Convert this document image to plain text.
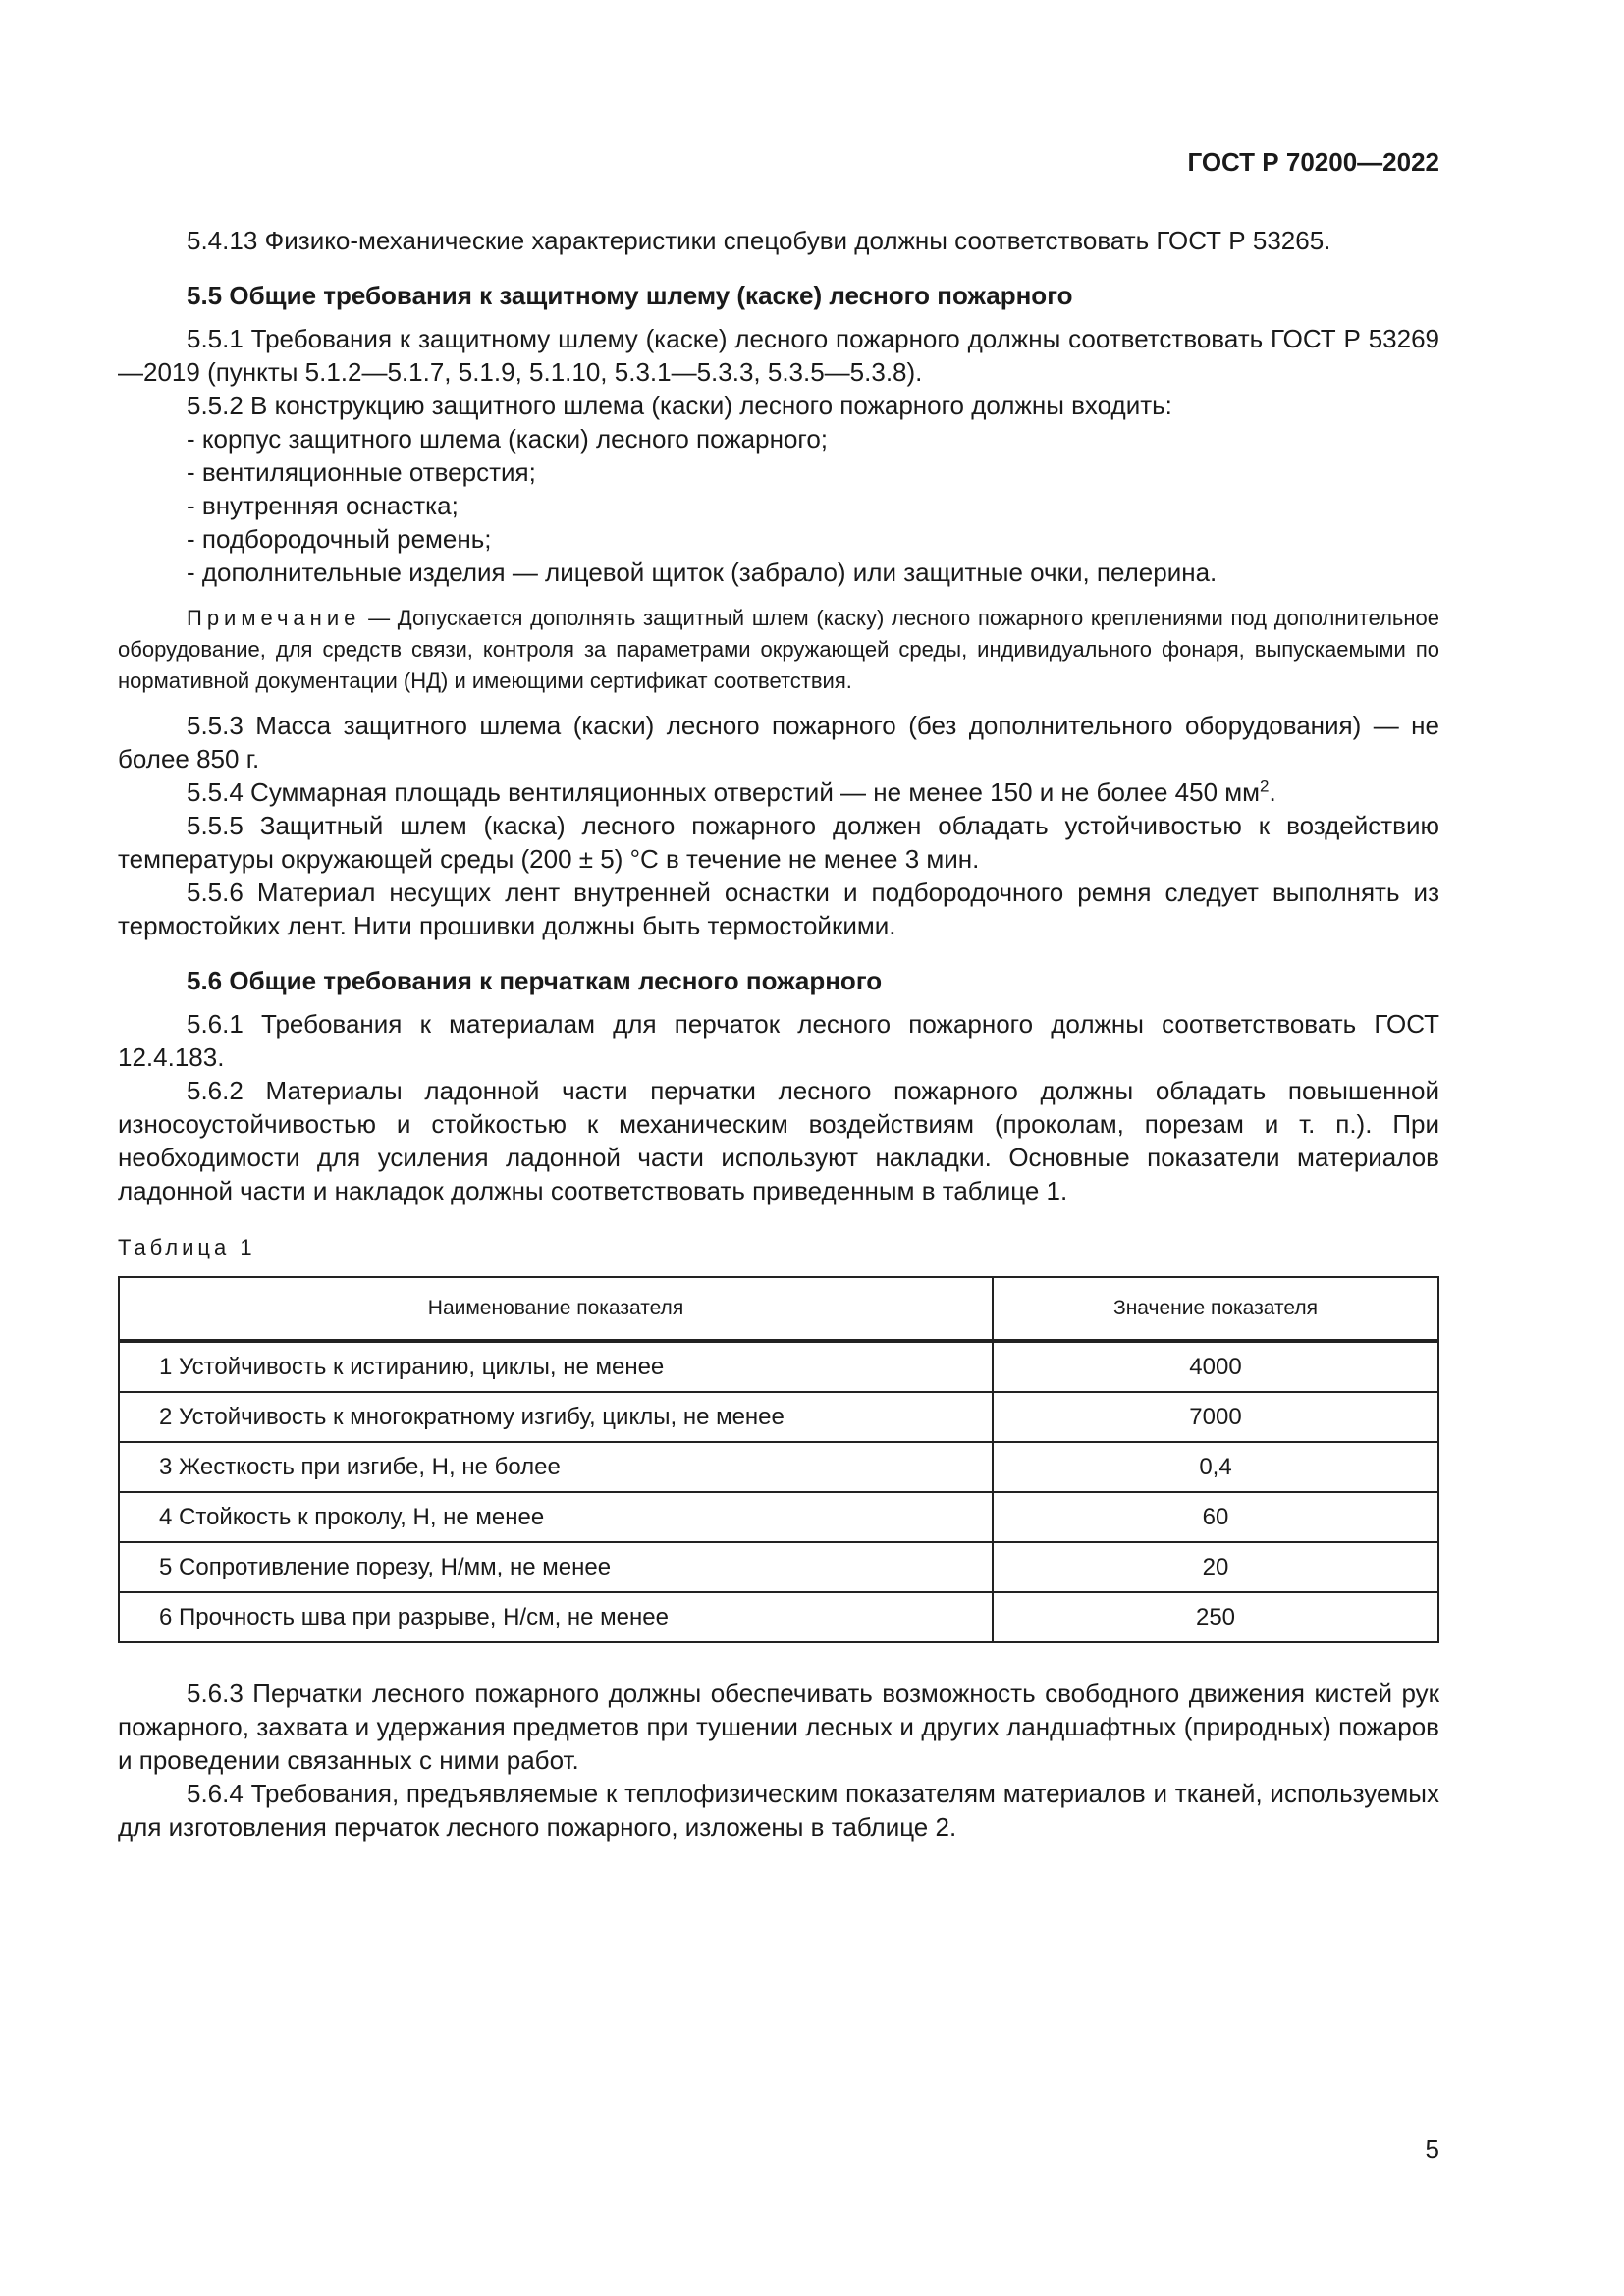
ГОСТ Р 70200—2022

5.4.13 Физико-механические характеристики спецобуви должны соответствовать ГОСТ Р 53265.

5.5 Общие требования к защитному шлему (каске) лесного пожарного

5.5.1 Требования к защитному шлему (каске) лесного пожарного должны соответствовать ГОСТ Р 53269—2019 (пункты 5.1.2—5.1.7, 5.1.9, 5.1.10, 5.3.1—5.3.3, 5.3.5—5.3.8).

5.5.2 В конструкцию защитного шлема (каски) лесного пожарного должны входить:

- корпус защитного шлема (каски) лесного пожарного;

- вентиляционные отверстия;

- внутренняя оснастка;

- подбородочный ремень;

- дополнительные изделия — лицевой щиток (забрало) или защитные очки, пелерина.

Примечание — Допускается дополнять защитный шлем (каску) лесного пожарного креплениями под дополнительное оборудование, для средств связи, контроля за параметрами окружающей среды, индивидуального фонаря, выпускаемыми по нормативной документации (НД) и имеющими сертификат соответствия.

5.5.3 Масса защитного шлема (каски) лесного пожарного (без дополнительного оборудования) — не более 850 г.

5.5.4 Суммарная площадь вентиляционных отверстий — не менее 150 и не более 450 $мм^2$.

5.5.5 Защитный шлем (каска) лесного пожарного должен обладать устойчивостью к воздействию температуры окружающей среды (200 ± 5) °С в течение не менее 3 мин.

5.5.6 Материал несущих лент внутренней оснастки и подбородочного ремня следует выполнять из термостойких лент. Нити прошивки должны быть термостойкими.

5.6 Общие требования к перчаткам лесного пожарного

5.6.1 Требования к материалам для перчаток лесного пожарного должны соответствовать ГОСТ 12.4.183.

5.6.2 Материалы ладонной части перчатки лесного пожарного должны обладать повышенной износоустойчивостью и стойкостью к механическим воздействиям (проколам, порезам и т. п.). При необходимости для усиления ладонной части используют накладки. Основные показатели материалов ладонной части и накладок должны соответствовать приведенным в таблице 1.

Таблица 1
Наименование показателя	Значение показателя
1 Устойчивость к истиранию, циклы, не менее	4000
2 Устойчивость к многократному изгибу, циклы, не менее	7000
3 Жесткость при изгибе, Н, не более	0,4
4 Стойкость к проколу, Н, не менее	60
5 Сопротивление порезу, Н/мм, не менее	20
6 Прочность шва при разрыве, Н/см, не менее	250

5.6.3 Перчатки лесного пожарного должны обеспечивать возможность свободного движения кистей рук пожарного, захвата и удержания предметов при тушении лесных и других ландшафтных (природных) пожаров и проведении связанных с ними работ.

5.6.4 Требования, предъявляемые к теплофизическим показателям материалов и тканей, используемых для изготовления перчаток лесного пожарного, изложены в таблице 2.

5
